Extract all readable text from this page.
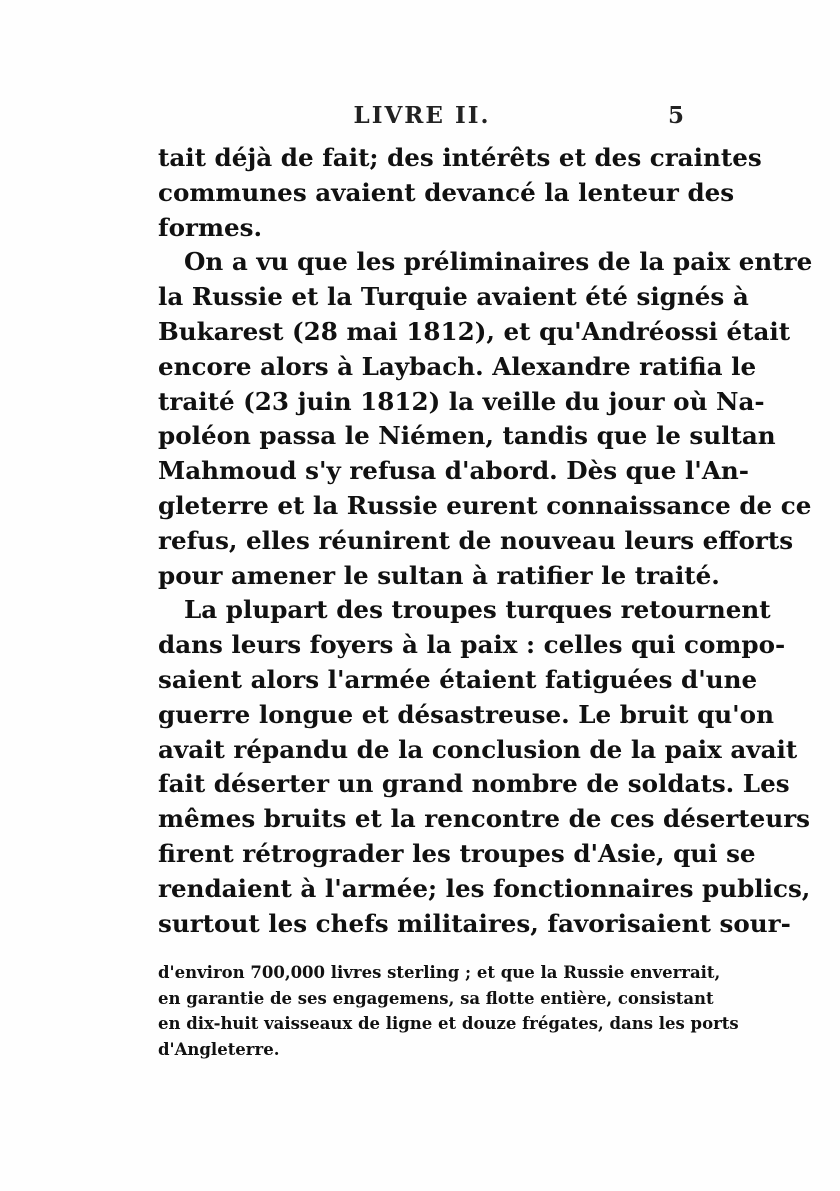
LIVRE II.	5
tait déjà de fait; des intérêts et des craintes
communes avaient devancé la lenteur des
formes.
On a vu que les préliminaires de la paix entre
la Russie et la Turquie avaient été signés à
Bukarest (28 mai 1812), et qu'Andréossi était
encore alors à Laybach. Alexandre ratifia le
traité (23 juin 1812) la veille du jour où Na-
poléon passa le Niémen, tandis que le sultan
Mahmoud s'y refusa d'abord. Dès que l'An-
gleterre et la Russie eurent connaissance de ce
refus, elles réunirent de nouveau leurs efforts
pour amener le sultan à ratifier le traité.
La plupart des troupes turques retournent
dans leurs foyers à la paix : celles qui compo-
saient alors l'armée étaient fatiguées d'une
guerre longue et désastreuse. Le bruit qu'on
avait répandu de la conclusion de la paix avait
fait déserter un grand nombre de soldats. Les
mêmes bruits et la rencontre de ces déserteurs
firent rétrograder les troupes d'Asie, qui se
rendaient à l'armée; les fonctionnaires publics,
surtout les chefs militaires, favorisaient sour-
d'environ 700,000 livres sterling ; et que la Russie enverrait,
en garantie de ses engagemens, sa flotte entière, consistant
en dix-huit vaisseaux de ligne et douze frégates, dans les ports
d'Angleterre.
